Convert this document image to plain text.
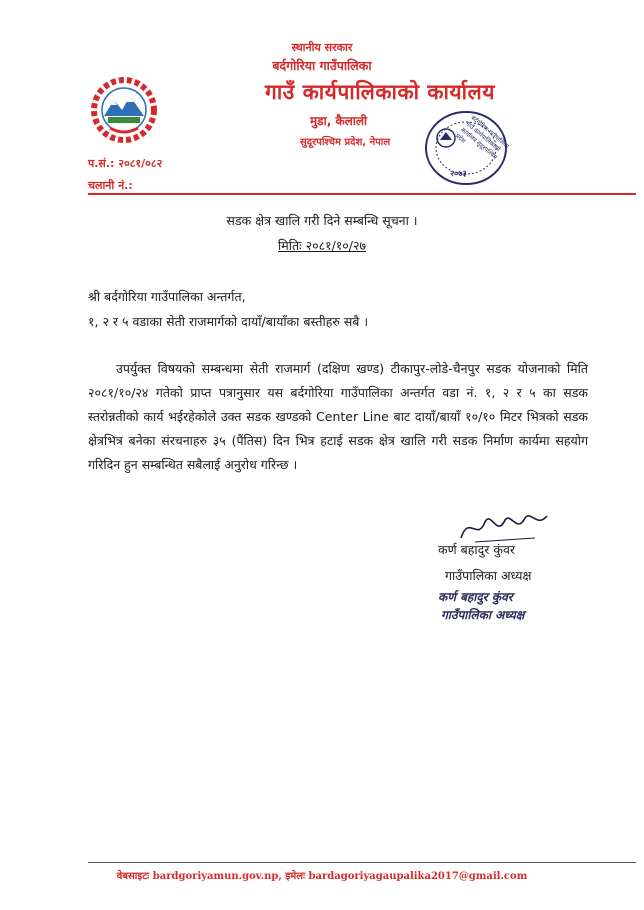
स्थानीय सरकार
बर्दगोरिया गाउँपालिका
गाउँ कार्यपालिकाको कार्यालय
मुडा, कैलाली
सुदूरपश्चिम प्रदेश, नेपाल	बर्दगोरिया गाउँपालिका गाउँ कार्यपालिकाको कार्यालय सुदूरपश्चिम प्रदेश
२०७३
प.सं.: २०८१/०८२
चलानी नं.:
सडक क्षेत्र खालि गरी दिने सम्बन्धि सूचना ।
मितिः २०८१/१०/२७
श्री बर्दगोरिया गाउँपालिका अन्तर्गत,
१, २ र ५ वडाका सेती राजमार्गको दायाँ/बायाँका बस्तीहरु सबै ।

उपर्युक्त विषयको सम्बन्धमा सेती राजमार्ग (दक्षिण खण्ड) टीकापुर-लोडे-चैनपुर सडक योजनाको मिति २०८१/१०/२४ गतेको प्राप्त पत्रानुसार यस बर्दगोरिया गाउँपालिका अन्तर्गत वडा नं. १, २ र ५ का सडक स्तरोन्नतीको कार्य भईरहेकोले उक्त सडक खण्डको Center Line बाट दायाँ/बायाँ १०/१० मिटर भित्रको सडक क्षेत्रभित्र बनेका संरचनाहरु ३५ (पैंतिस) दिन भित्र हटाई सडक क्षेत्र खालि गरी सडक निर्माण कार्यमा सहयोग गरिदिन हुन सम्बन्धित सबैलाई अनुरोध गरिन्छ ।

कर्ण बहादुर कुंवर
गाउँपालिका अध्यक्ष
कर्ण बहादुर कुंवर
गाउँपालिका अध्यक्ष
वेबसाइटः bardgoriyamun.gov.np, इमेलः bardagoriyagaupalika2017@gmail.com
